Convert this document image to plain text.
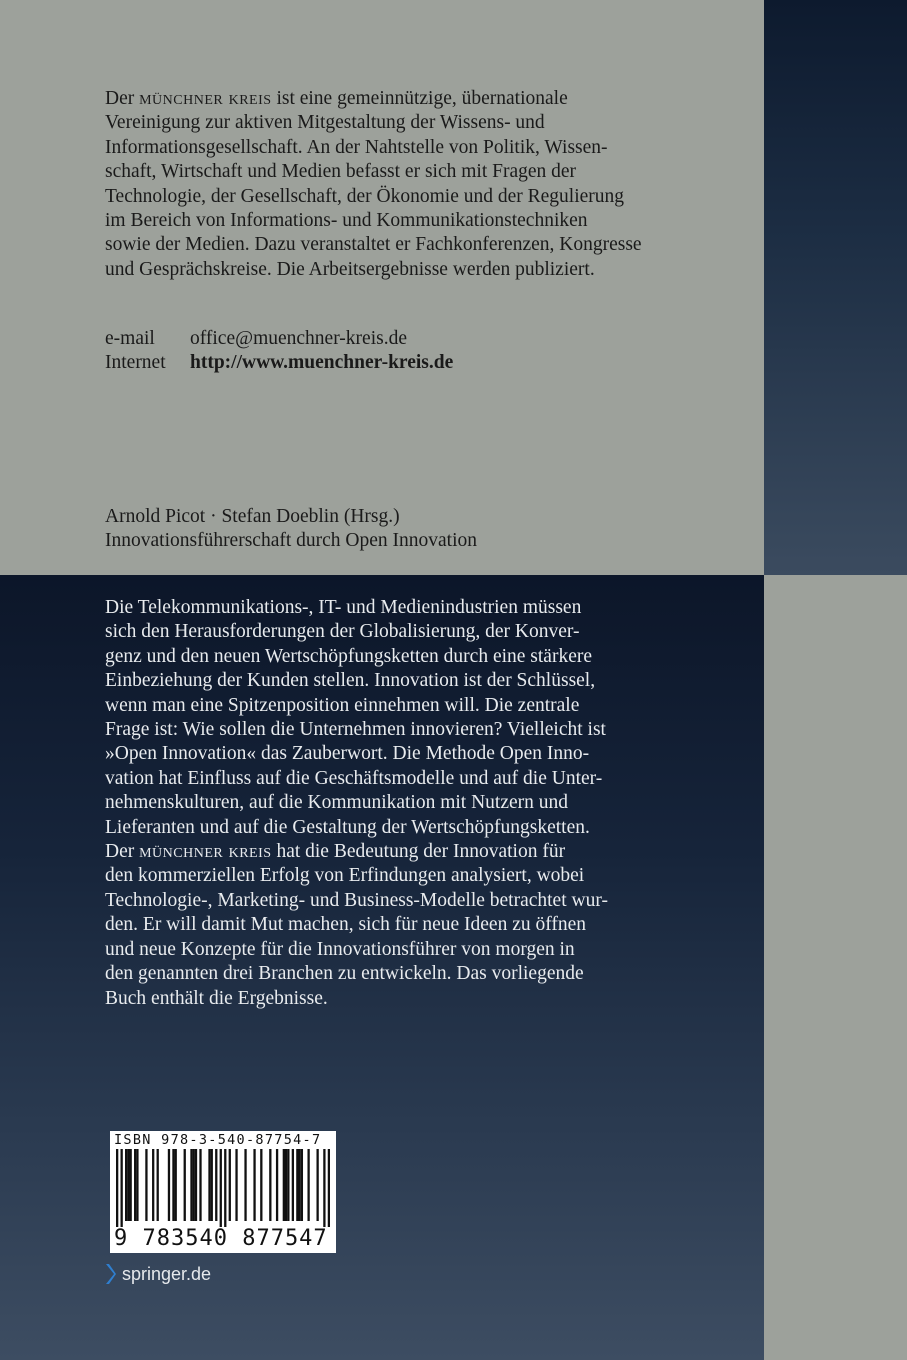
Der münchner kreis ist eine gemeinnützige, übernationale
Vereinigung zur aktiven Mitgestaltung der Wissens- und
Informationsgesellschaft. An der Nahtstelle von Politik, Wissen-
schaft, Wirtschaft und Medien befasst er sich mit Fragen der
Technologie, der Gesellschaft, der Ökonomie und der Regulierung
im Bereich von Informations- und Kommunikationstechniken
sowie der Medien. Dazu veranstaltet er Fachkonferenzen, Kongresse
und Gesprächskreise. Die Arbeitsergebnisse werden publiziert.
e-mail	office@muenchner-kreis.de
Internet	http://www.muenchner-kreis.de
Arnold Picot · Stefan Doeblin (Hrsg.)
Innovationsführerschaft durch Open Innovation
Die Telekommunikations-, IT- und Medienindustrien müssen
sich den Herausforderungen der Globalisierung, der Konver-
genz und den neuen Wertschöpfungsketten durch eine stärkere
Einbeziehung der Kunden stellen. Innovation ist der Schlüssel,
wenn man eine Spitzenposition einnehmen will. Die zentrale
Frage ist: Wie sollen die Unternehmen innovieren? Vielleicht ist
»Open Innovation« das Zauberwort. Die Methode Open Inno-
vation hat Einfluss auf die Geschäftsmodelle und auf die Unter-
nehmenskulturen, auf die Kommunikation mit Nutzern und
Lieferanten und auf die Gestaltung der Wertschöpfungsketten.
Der münchner kreis hat die Bedeutung der Innovation für
den kommerziellen Erfolg von Erfindungen analysiert, wobei
Technologie-, Marketing- und Business-Modelle betrachtet wur-
den. Er will damit Mut machen, sich für neue Ideen zu öffnen
und neue Konzepte für die Innovationsführer von morgen in
den genannten drei Branchen zu entwickeln. Das vorliegende
Buch enthält die Ergebnisse.
ISBN 978-3-540-87754-7
9 783540 877547
springer.de
